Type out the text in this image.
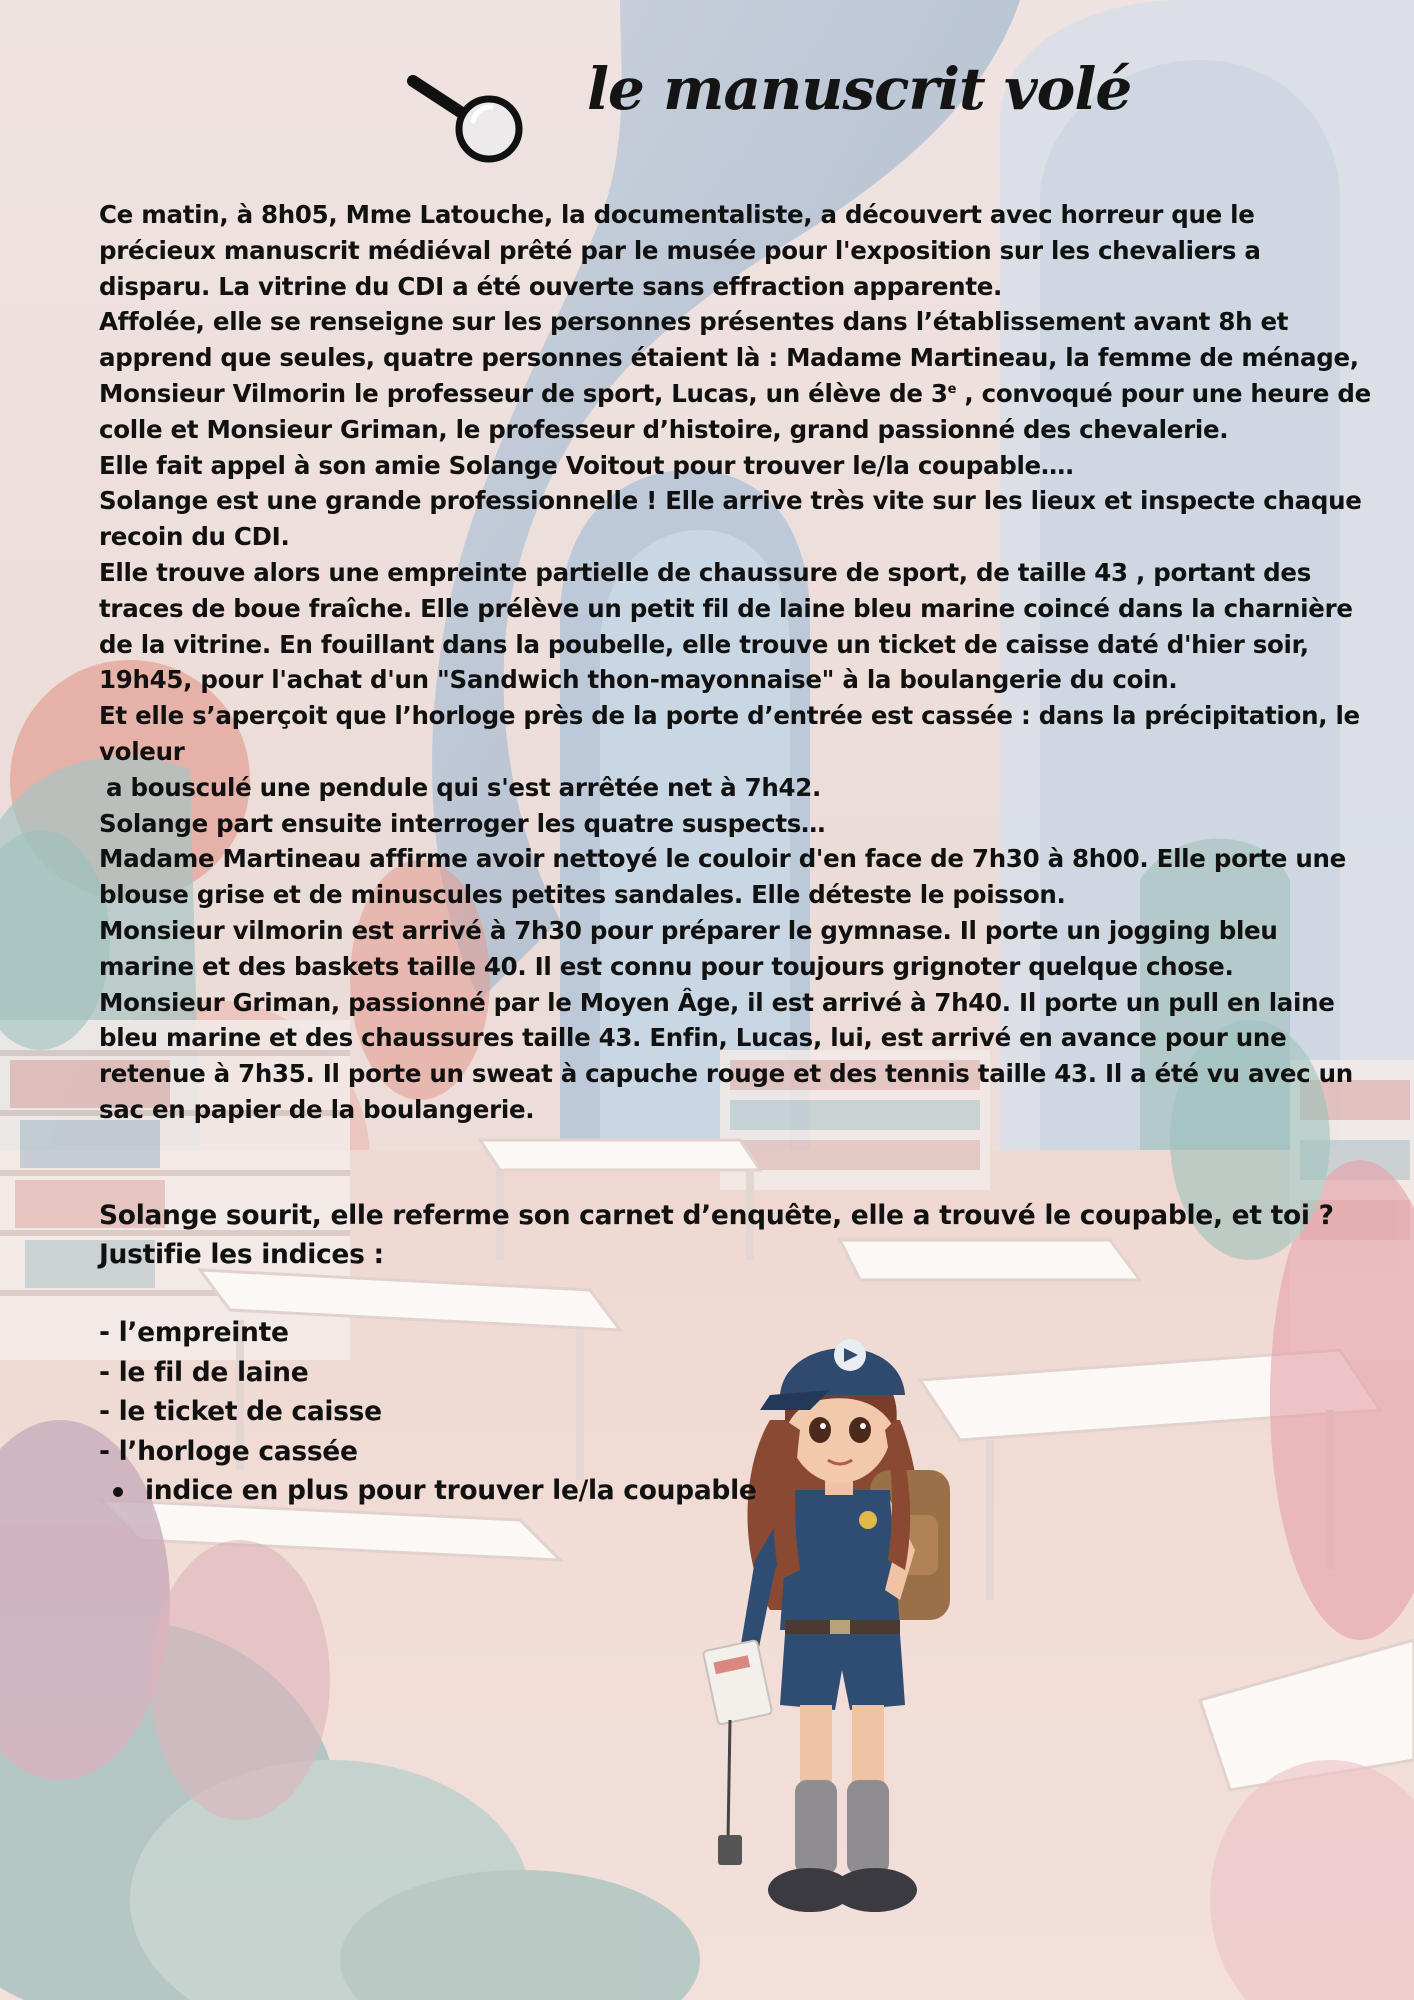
le manuscrit volé

Ce matin, à 8h05, Mme Latouche, la documentaliste, a découvert avec horreur que le précieux manuscrit médiéval prêté par le musée pour l'exposition sur les chevaliers a disparu. La vitrine du CDI a été ouverte sans effraction apparente.

Affolée, elle se renseigne sur les personnes présentes dans l’établissement avant 8h et apprend que seules, quatre personnes étaient là : Madame Martineau, la femme de ménage, Monsieur Vilmorin le professeur de sport, Lucas, un élève de 3e , convoqué pour une heure de colle et Monsieur Griman, le professeur d’histoire, grand passionné des chevalerie.

Elle fait appel à son amie Solange Voitout pour trouver le/la coupable….

Solange est une grande professionnelle ! Elle arrive très vite sur les lieux et inspecte chaque recoin du CDI.

Elle trouve alors une empreinte partielle de chaussure de sport, de taille 43 , portant des traces de boue fraîche. Elle prélève un petit fil de laine bleu marine coincé dans la charnière de la vitrine. En fouillant dans la poubelle, elle trouve un ticket de caisse daté d'hier soir, 19h45, pour l'achat d'un "Sandwich thon-mayonnaise" à la boulangerie du coin.

Et elle s’aperçoit que l’horloge près de la porte d’entrée est cassée : dans la précipitation, le voleur

a bousculé une pendule qui s'est arrêtée net à 7h42.

Solange part ensuite interroger les quatre suspects…

Madame Martineau affirme avoir nettoyé le couloir d'en face de 7h30 à 8h00. Elle porte une blouse grise et de minuscules petites sandales. Elle déteste le poisson.

Monsieur vilmorin est arrivé à 7h30 pour préparer le gymnase. Il porte un jogging bleu marine et des baskets taille 40. Il est connu pour toujours grignoter quelque chose.

Monsieur Griman, passionné par le Moyen Âge, il est arrivé à 7h40. Il porte un pull en laine bleu marine et des chaussures taille 43. Enfin, Lucas, lui, est arrivé en avance pour une retenue à 7h35. Il porte un sweat à capuche rouge et des tennis taille 43. Il a été vu avec un sac en papier de la boulangerie.

Solange sourit, elle referme son carnet d’enquête, elle a trouvé le coupable, et toi ?

Justifie les indices :

- l’empreinte
- le fil de laine
- le ticket de caisse
- l’horloge cassée
indice en plus pour trouver le/la coupable
